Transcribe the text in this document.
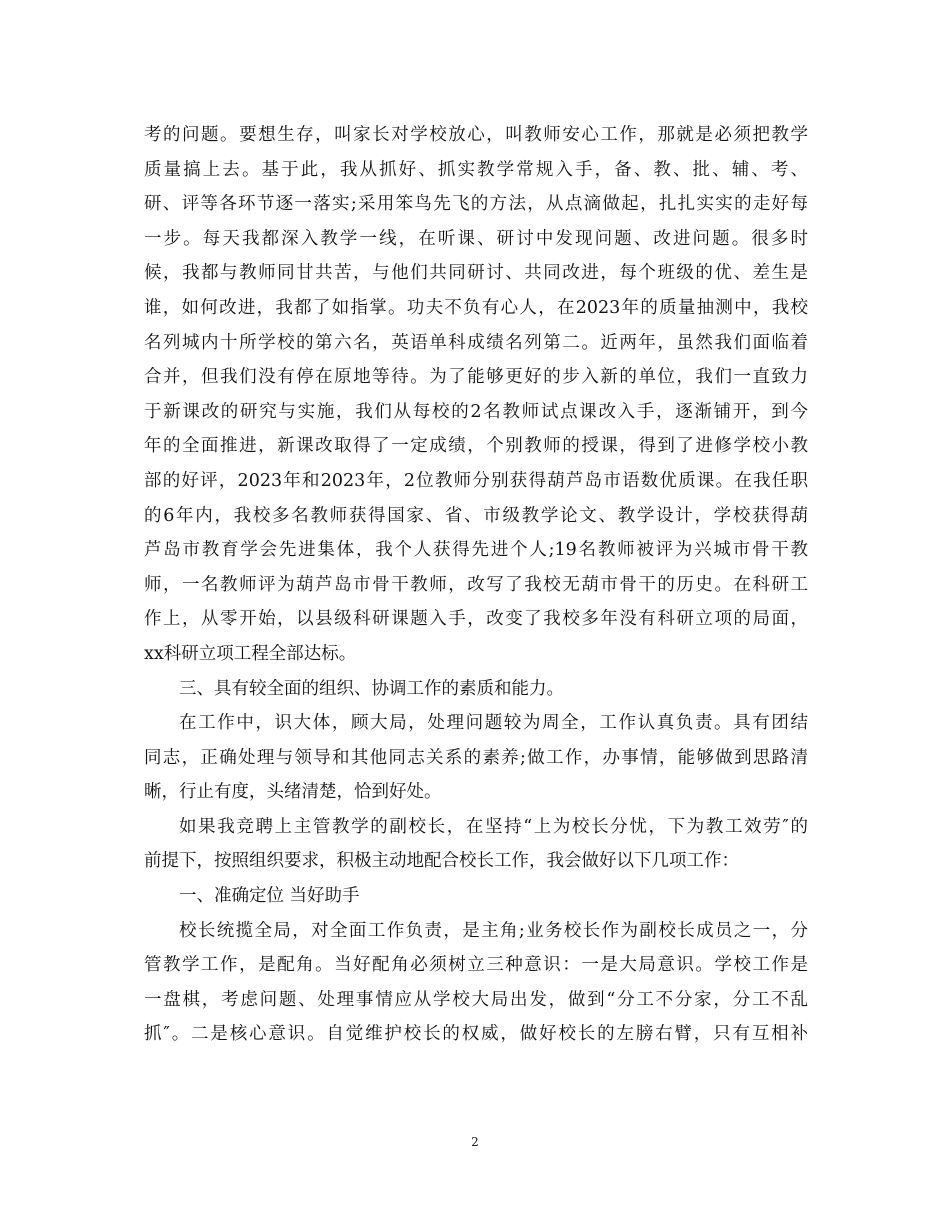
考的问题。要想生存，叫家长对学校放心，叫教师安心工作，那就是必须把教学
质量搞上去。基于此，我从抓好、抓实教学常规入手，备、教、批、辅、考、
研、评等各环节逐一落实;采用笨鸟先飞的方法，从点滴做起，扎扎实实的走好每
一步。每天我都深入教学一线，在听课、研讨中发现问题、改进问题。很多时
候，我都与教师同甘共苦，与他们共同研讨、共同改进，每个班级的优、差生是
谁，如何改进，我都了如指掌。功夫不负有心人，在2023年的质量抽测中，我校
名列城内十所学校的第六名，英语单科成绩名列第二。近两年，虽然我们面临着
合并，但我们没有停在原地等待。为了能够更好的步入新的单位，我们一直致力
于新课改的研究与实施，我们从每校的2名教师试点课改入手，逐渐铺开，到今
年的全面推进，新课改取得了一定成绩，个别教师的授课，得到了进修学校小教
部的好评，2023年和2023年，2位教师分别获得葫芦岛市语数优质课。在我任职
的6年内，我校多名教师获得国家、省、市级教学论文、教学设计，学校获得葫
芦岛市教育学会先进集体，我个人获得先进个人;19名教师被评为兴城市骨干教
师，一名教师评为葫芦岛市骨干教师，改写了我校无葫市骨干的历史。在科研工
作上，从零开始，以县级科研课题入手，改变了我校多年没有科研立项的局面，
xx科研立项工程全部达标。
三、具有较全面的组织、协调工作的素质和能力。
在工作中，识大体，顾大局，处理问题较为周全，工作认真负责。具有团结
同志，正确处理与领导和其他同志关系的素养;做工作，办事情，能够做到思路清
晰，行止有度，头绪清楚，恰到好处。
如果我竞聘上主管教学的副校长，在坚持“上为校长分忧，下为教工效劳″的
前提下，按照组织要求，积极主动地配合校长工作，我会做好以下几项工作：
一、准确定位 当好助手
校长统揽全局，对全面工作负责，是主角;业务校长作为副校长成员之一，分
管教学工作，是配角。当好配角必须树立三种意识：一是大局意识。学校工作是
一盘棋，考虑问题、处理事情应从学校大局出发，做到“分工不分家，分工不乱
抓″。二是核心意识。自觉维护校长的权威，做好校长的左膀右臂，只有互相补
2
